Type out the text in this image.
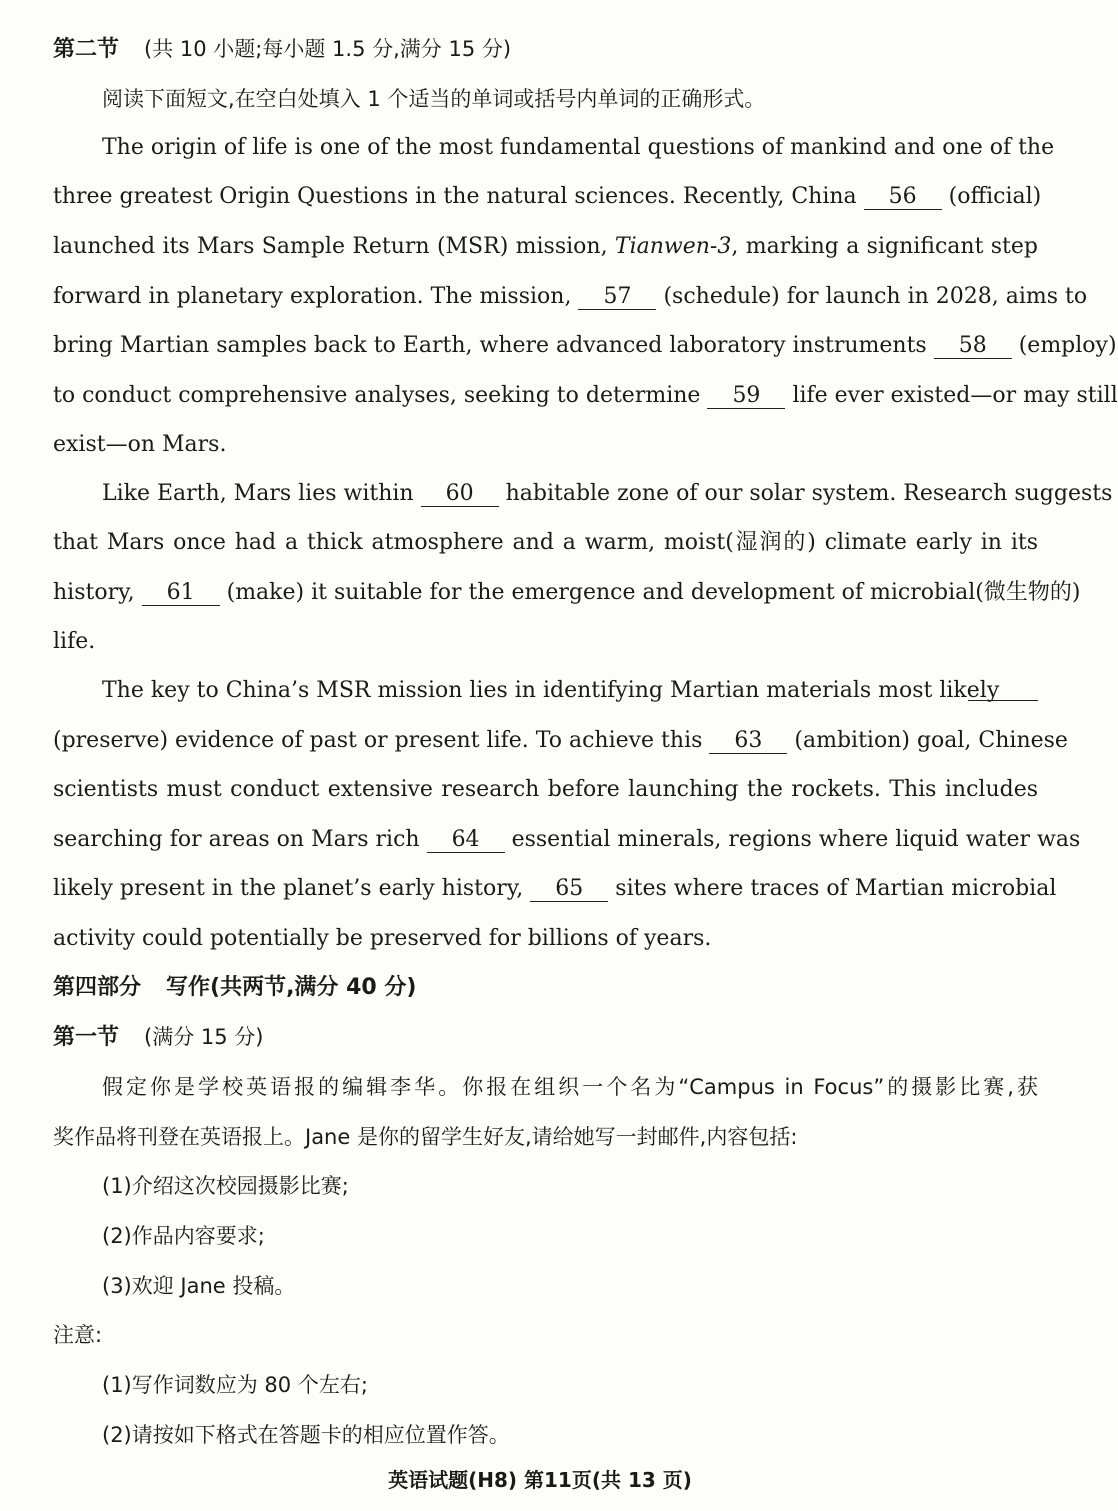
第二节 (共 10 小题;每小题 1.5 分,满分 15 分)
阅读下面短文,在空白处填入 1 个适当的单词或括号内单词的正确形式。
The origin of life is one of the most fundamental questions of mankind and one of the
three greatest Origin Questions in the natural sciences. Recently, China 56 (official)
launched its Mars Sample Return (MSR) mission, Tianwen-3, marking a significant step
forward in planetary exploration. The mission, 57 (schedule) for launch in 2028, aims to
bring Martian samples back to Earth, where advanced laboratory instruments 58 (employ)
to conduct comprehensive analyses, seeking to determine 59 life ever existed—or may still
exist—on Mars.
Like Earth, Mars lies within 60 habitable zone of our solar system. Research suggests
that Mars once had a thick atmosphere and a warm, moist(湿润的) climate early in its
history, 61 (make) it suitable for the emergence and development of microbial(微生物的)
life.
The key to China’s MSR mission lies in identifying Martian materials most likely
(preserve) evidence of past or present life. To achieve this 63 (ambition) goal, Chinese
scientists must conduct extensive research before launching the rockets. This includes
searching for areas on Mars rich 64 essential minerals, regions where liquid water was
likely present in the planet’s early history, 65 sites where traces of Martian microbial
activity could potentially be preserved for billions of years.
第四部分 写作(共两节,满分 40 分)
第一节 (满分 15 分)
假定你是学校英语报的编辑李华。你报在组织一个名为“Campus in Focus”的摄影比赛,获
奖作品将刊登在英语报上。Jane 是你的留学生好友,请给她写一封邮件,内容包括:
(1)介绍这次校园摄影比赛;
(2)作品内容要求;
(3)欢迎 Jane 投稿。
注意:
(1)写作词数应为 80 个左右;
(2)请按如下格式在答题卡的相应位置作答。
英语试题(H8) 第11页(共 13 页)
